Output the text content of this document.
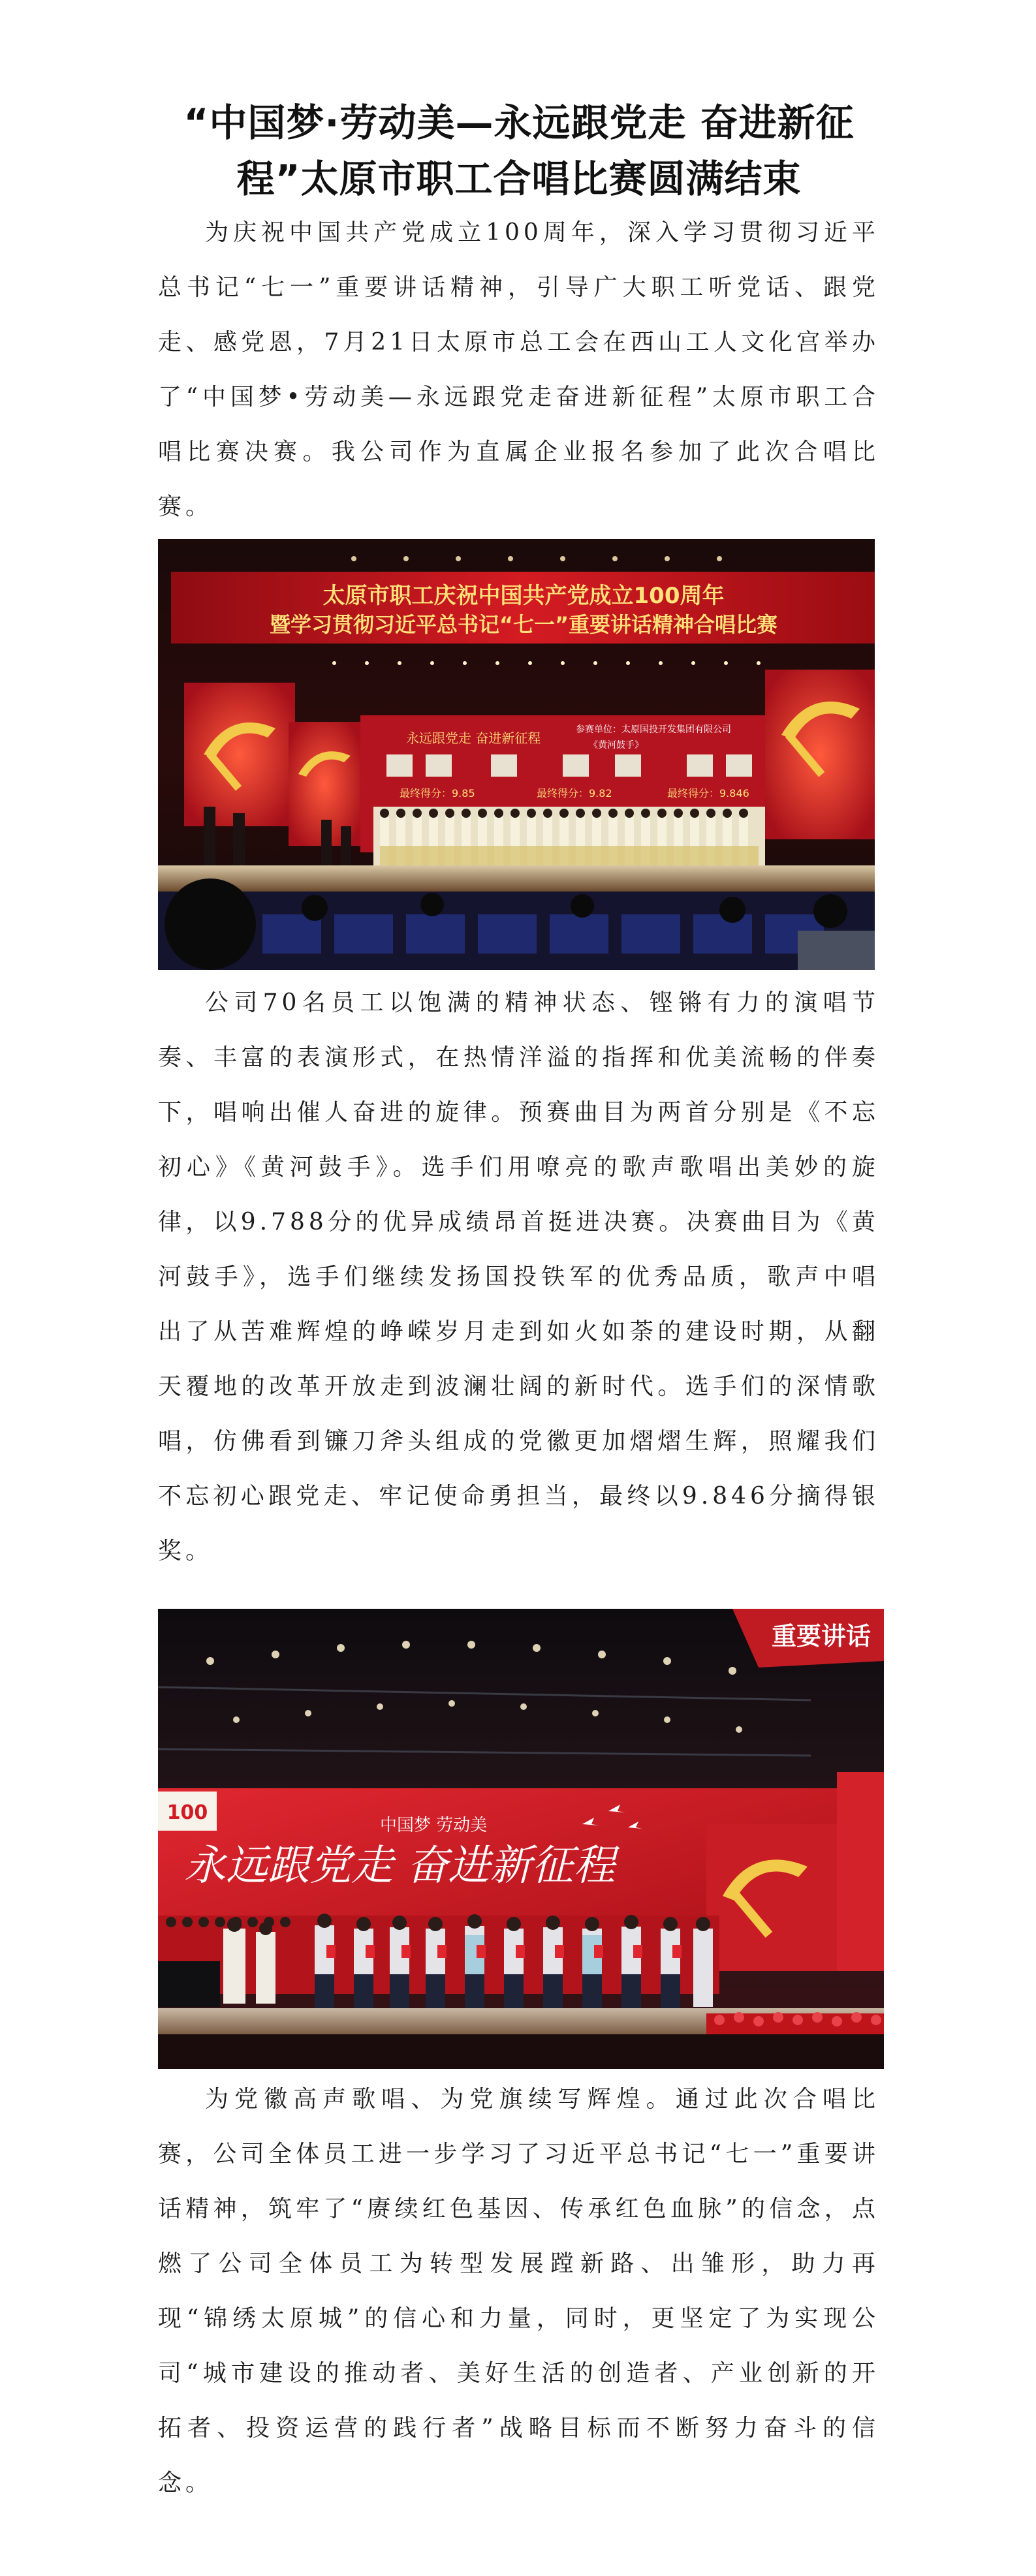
“中国梦·劳动美—永远跟党走 奋进新征
程”太原市职工合唱比赛圆满结束

为庆祝中国共产党成立100周年，深入学习贯彻习近平总书记“七一”重要讲话精神，引导广大职工听党话、跟党走、感党恩，7月21日太原市总工会在西山工人文化宫举办了“中国梦•劳动美—永远跟党走奋进新征程”太原市职工合唱比赛决赛。我公司作为直属企业报名参加了此次合唱比赛。

太原市职工庆祝中国共产党成立100周年
暨学习贯彻习近平总书记“七一”重要讲话精神合唱比赛
永远跟党走 奋进新征程
参赛单位：太原国投开发集团有限公司
《黄河鼓手》
最终得分： 9.85	最终得分： 9.82	最终得分： 9.846

公司70名员工以饱满的精神状态、铿锵有力的演唱节奏、丰富的表演形式，在热情洋溢的指挥和优美流畅的伴奏下，唱响出催人奋进的旋律。预赛曲目为两首分别是《不忘初心》《黄河鼓手》。选手们用嘹亮的歌声歌唱出美妙的旋律，以9.788分的优异成绩昂首挺进决赛。决赛曲目为《黄河鼓手》，选手们继续发扬国投铁军的优秀品质，歌声中唱出了从苦难辉煌的峥嵘岁月走到如火如荼的建设时期，从翻天覆地的改革开放走到波澜壮阔的新时代。选手们的深情歌唱，仿佛看到镰刀斧头组成的党徽更加熠熠生辉，照耀我们不忘初心跟党走、牢记使命勇担当，最终以9.846分摘得银奖。

重要讲话
100
中国梦 劳动美
永远跟党走 奋进新征程

为党徽高声歌唱、为党旗续写辉煌。通过此次合唱比赛，公司全体员工进一步学习了习近平总书记“七一”重要讲话精神，筑牢了“赓续红色基因、传承红色血脉”的信念，点燃了公司全体员工为转型发展蹚新路、出雏形，助力再现“锦绣太原城”的信心和力量，同时，更坚定了为实现公司“城市建设的推动者、美好生活的创造者、产业创新的开拓者、投资运营的践行者”战略目标而不断努力奋斗的信念。
